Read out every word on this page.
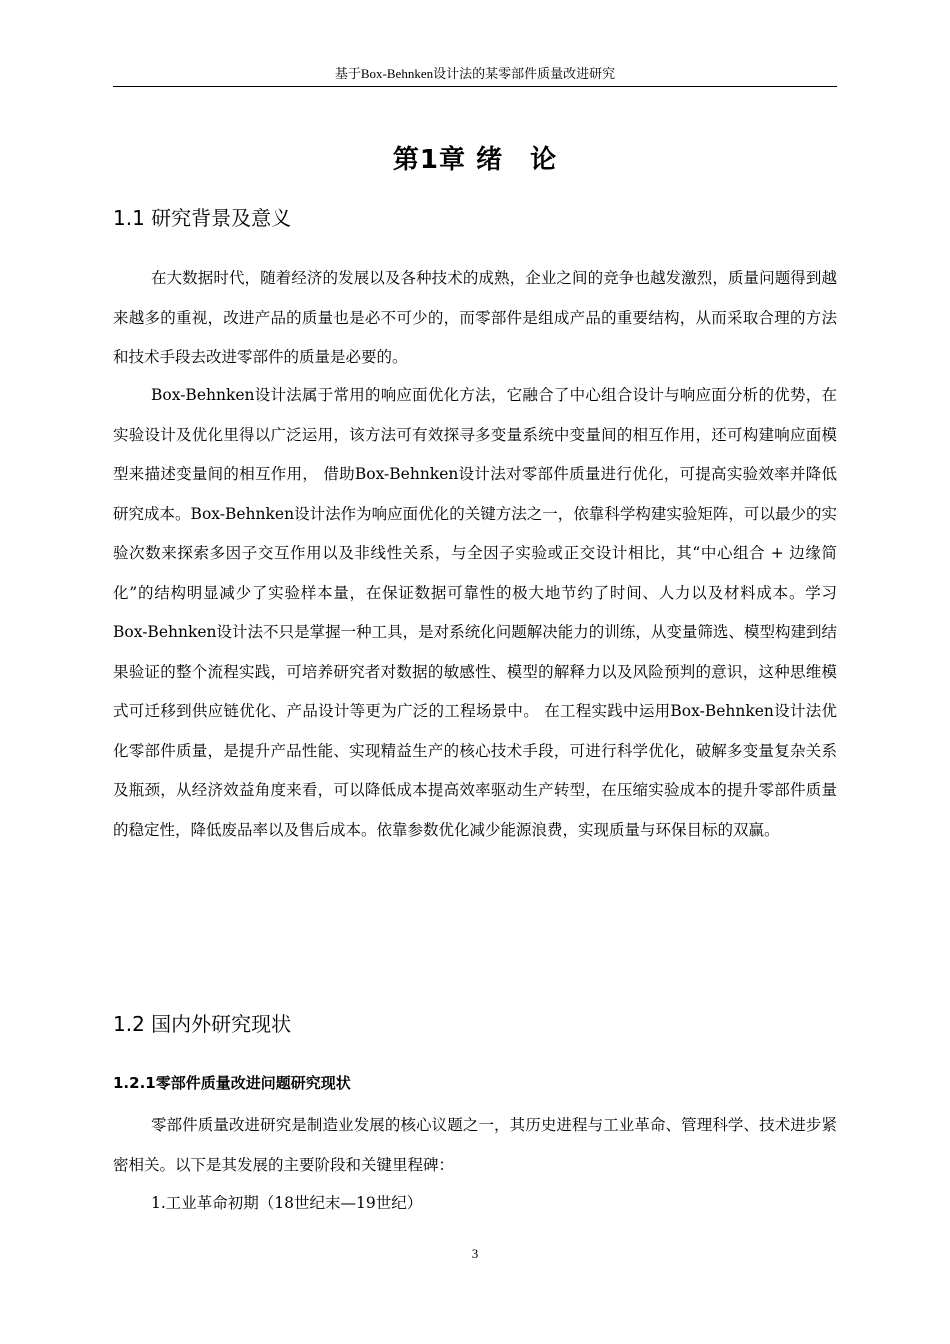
基于Box-Behnken设计法的某零部件质量改进研究
第1章 绪　论
1.1 研究背景及意义

在大数据时代，随着经济的发展以及各种技术的成熟，企业之间的竞争也越发激烈，质量问题得到越来越多的重视，改进产品的质量也是必不可少的，而零部件是组成产品的重要结构，从而采取合理的方法和技术手段去改进零部件的质量是必要的。

Box-Behnken设计法属于常用的响应面优化方法，它融合了中心组合设计与响应面分析的优势，在实验设计及优化里得以广泛运用，该方法可有效探寻多变量系统中变量间的相互作用，还可构建响应面模型来描述变量间的相互作用， 借助Box-Behnken设计法对零部件质量进行优化，可提高实验效率并降低研究成本。Box-Behnken设计法作为响应面优化的关键方法之一，依靠科学构建实验矩阵，可以最少的实验次数来探索多因子交互作用以及非线性关系，与全因子实验或正交设计相比，其“中心组合 + 边缘简化”的结构明显减少了实验样本量，在保证数据可靠性的极大地节约了时间、人力以及材料成本。学习Box-Behnken设计法不只是掌握一种工具，是对系统化问题解决能力的训练，从变量筛选、模型构建到结果验证的整个流程实践，可培养研究者对数据的敏感性、模型的解释力以及风险预判的意识，这种思维模式可迁移到供应链优化、产品设计等更为广泛的工程场景中。 在工程实践中运用Box-Behnken设计法优化零部件质量，是提升产品性能、实现精益生产的核心技术手段，可进行科学优化，破解多变量复杂关系及瓶颈，从经济效益角度来看，可以降低成本提高效率驱动生产转型，在压缩实验成本的提升零部件质量的稳定性，降低废品率以及售后成本。依靠参数优化减少能源浪费，实现质量与环保目标的双赢。

1.2 国内外研究现状
1.2.1零部件质量改进问题研究现状

零部件质量改进研究是制造业发展的核心议题之一，其历史进程与工业革命、管理科学、技术进步紧密相关。以下是其发展的主要阶段和关键里程碑：

1.工业革命初期（18世纪末—19世纪）

3
